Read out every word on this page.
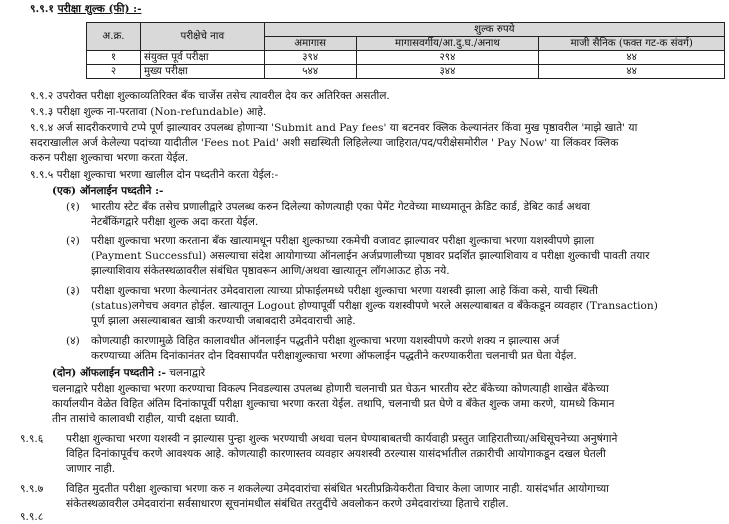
९.९.१ परीक्षा शुल्क (फी) :-
अ.क्र.	परीक्षेचे नाव	शुल्क रुपये		
		अमागास	मागासवर्गीय/आ.दु.घ./अनाथ	माजी सैनिक (फक्त गट-क संवर्ग)
१	संयुक्त पूर्व परीक्षा	३९४	२९४	४४
२	मुख्य परीक्षा	५४४	३४४	४४
९.९.२ उपरोक्त परीक्षा शुल्काव्यतिरिक्त बँक चार्जेस तसेच त्यावरील देय कर अतिरिक्त असतील.
९.९.३ परीक्षा शुल्क ना-परतावा (Non-refundable) आहे.
९.९.४ अर्ज सादरीकरणाचे टप्पे पूर्ण झाल्यावर उपलब्ध होणाऱ्या 'Submit and Pay fees' या बटनवर क्लिक केल्यानंतर किंवा मुख पृष्ठावरील 'माझे खाते' या
सदराखालील अर्ज केलेल्या पदांच्या यादीतील 'Fees not Paid' अशी सद्यस्थिती लिहिलेल्या जाहिरात/पद/परीक्षेसमोरील ' Pay Now' या लिंकवर क्लिक
करुन परीक्षा शुल्काचा भरणा करता येईल.
९.९.५ परीक्षा शुल्काचा भरणा खालील दोन पध्दतीने करता येईल:-
(एक) ऑनलाईन पध्दतीने :-
(१) भारतीय स्टेट बँक तसेच प्रणालीद्वारे उपलब्ध करुन दिलेल्या कोणत्याही एका पेमेंट गेटवेच्या माध्यमातून क्रेडिट कार्ड, डेबिट कार्ड अथवा
नेटबँकिंगद्वारे परीक्षा शुल्क अदा करता येईल.
(२) परीक्षा शुल्काचा भरणा करताना बँक खात्यामधून परीक्षा शुल्काच्या रकमेची वजावट झाल्यावर परीक्षा शुल्काचा भरणा यशस्वीपणे झाला
(Payment Successful) असल्याचा संदेश आयोगाच्या ऑनलाईन अर्जप्रणालीच्या पृष्ठावर प्रदर्शित झाल्याशिवाय व परीक्षा शुल्काची पावती तयार
झाल्याशिवाय संकेतस्थळावरील संबंधित पृष्ठावरून आणि/अथवा खात्यातून लॉगआऊट होऊ नये.
(३) परीक्षा शुल्काचा भरणा केल्यानंतर उमेदवाराला त्याच्या प्रोफाईलमध्ये परीक्षा शुल्काचा भरणा यशस्वी झाला आहे किंवा कसे, याची स्थिती
(status)लगेचच अवगत होईल. खात्यातून Logout होण्यापूर्वी परीक्षा शुल्क यशस्वीपणे भरले असल्याबाबत व बँकेकडून व्यवहार (Transaction)
पूर्ण झाला असल्याबाबत खात्री करण्याची जबाबदारी उमेदवाराची आहे.
(४) कोणत्याही कारणामुळे विहित कालावधीत ऑनलाईन पद्धतीने परीक्षा शुल्काचा भरणा यशस्वीपणे करणे शक्य न झाल्यास अर्ज
करण्याच्या अंतिम दिनांकानंतर दोन दिवसापर्यंत परीक्षाशुल्काचा भरणा ऑफलाईन पद्धतीने करण्याकरीता चलनाची प्रत घेता येईल.
(दोन) ऑफलाईन पध्दतीने :- चलनाद्वारे
चलनाद्वारे परीक्षा शुल्काचा भरणा करण्याचा विकल्प निवडल्यास उपलब्ध होणारी चलनाची प्रत घेऊन भारतीय स्टेट बँकेच्या कोणत्याही शाखेत बँकेच्या
कार्यालयीन वेळेत विहित अंतिम दिनांकापूर्वी परीक्षा शुल्काचा भरणा करता येईल. तथापि, चलनाची प्रत घेणे व बँकेत शुल्क जमा करणे, यामध्ये किमान
तीन तासांचे कालावधी राहील, याची दक्षता घ्यावी.
९.९.६ परीक्षा शुल्काचा भरणा यशस्वी न झाल्यास पुन्हा शुल्क भरण्याची अथवा चलन घेण्याबाबतची कार्यवाही प्रस्तुत जाहिरातीच्या/अधिसूचनेच्या अनुषंगाने
विहित दिनांकापूर्वच करणे आवश्यक आहे. कोणत्याही कारणास्तव व्यवहार अयशस्वी ठरल्यास यासंदर्भातील तक्रारीची आयोगाकडून दखल घेतली
जाणार नाही.
९.९.७ विहित मुदतीत परीक्षा शुल्काचा भरणा करु न शकलेल्या उमेदवारांचा संबंधित भरतीप्रक्रियेकरीता विचार केला जाणार नाही. यासंदर्भात आयोगाच्या
संकेतस्थळावरील उमेदवारांना सर्वसाधारण सूचनांमधील संबंधित तरतुदींचे अवलोकन करणे उमेदवारांच्या हिताचे राहील.
९.९.८
